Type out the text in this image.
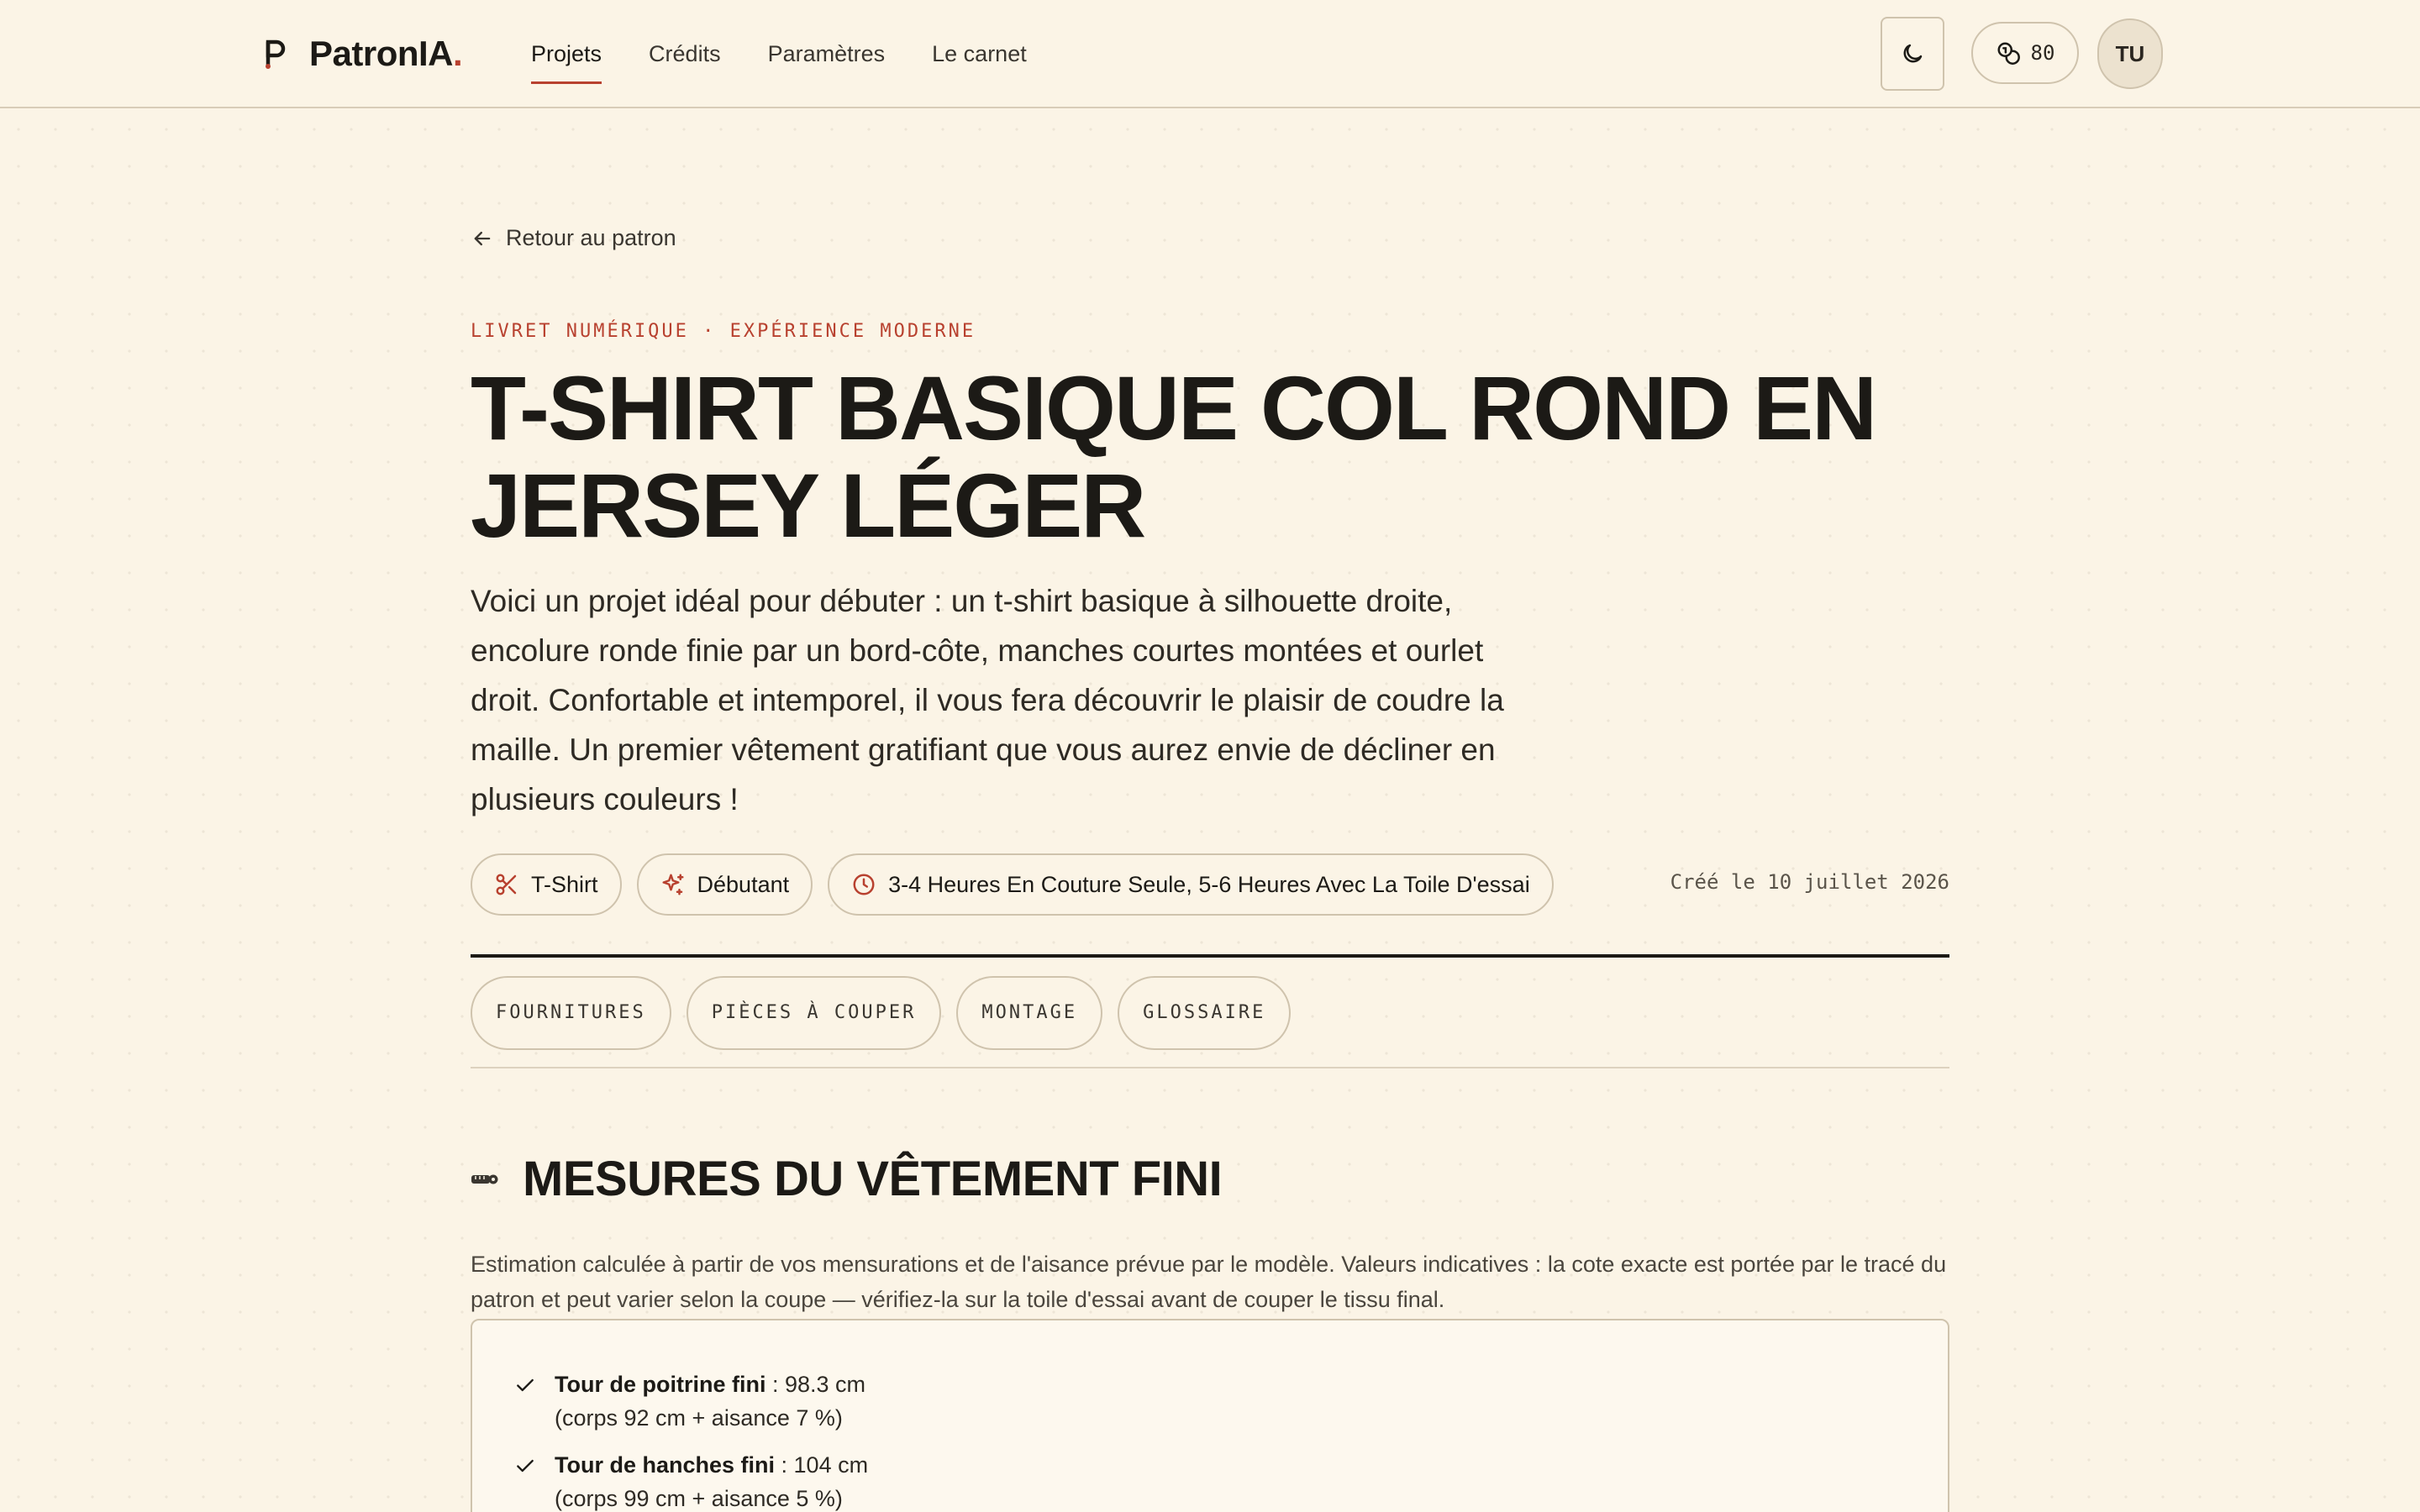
PatronIA.	Projets Crédits Paramètres Le carnet	80	TU
Retour au patron
LIVRET NUMÉRIQUE · EXPÉRIENCE MODERNE
T-SHIRT BASIQUE COL ROND EN JERSEY LÉGER

Voici un projet idéal pour débuter : un t-shirt basique à silhouette droite, encolure ronde finie par un bord-côte, manches courtes montées et ourlet droit. Confortable et intemporel, il vous fera découvrir le plaisir de coudre la maille. Un premier vêtement gratifiant que vous aurez envie de décliner en plusieurs couleurs !

T-Shirt	Débutant	3-4 Heures En Couture Seule, 5-6 Heures Avec La Toile D'essai	Créé le 10 juillet 2026
FOURNITURES	PIÈCES À COUPER	MONTAGE	GLOSSAIRE
MESURES DU VÊTEMENT FINI

Estimation calculée à partir de vos mensurations et de l'aisance prévue par le modèle. Valeurs indicatives : la cote exacte est portée par le tracé du patron et peut varier selon la coupe — vérifiez-la sur la toile d'essai avant de couper le tissu final.

Tour de poitrine fini : 98.3 cm
(corps 92 cm + aisance 7 %)
Tour de hanches fini : 104 cm
(corps 99 cm + aisance 5 %)
